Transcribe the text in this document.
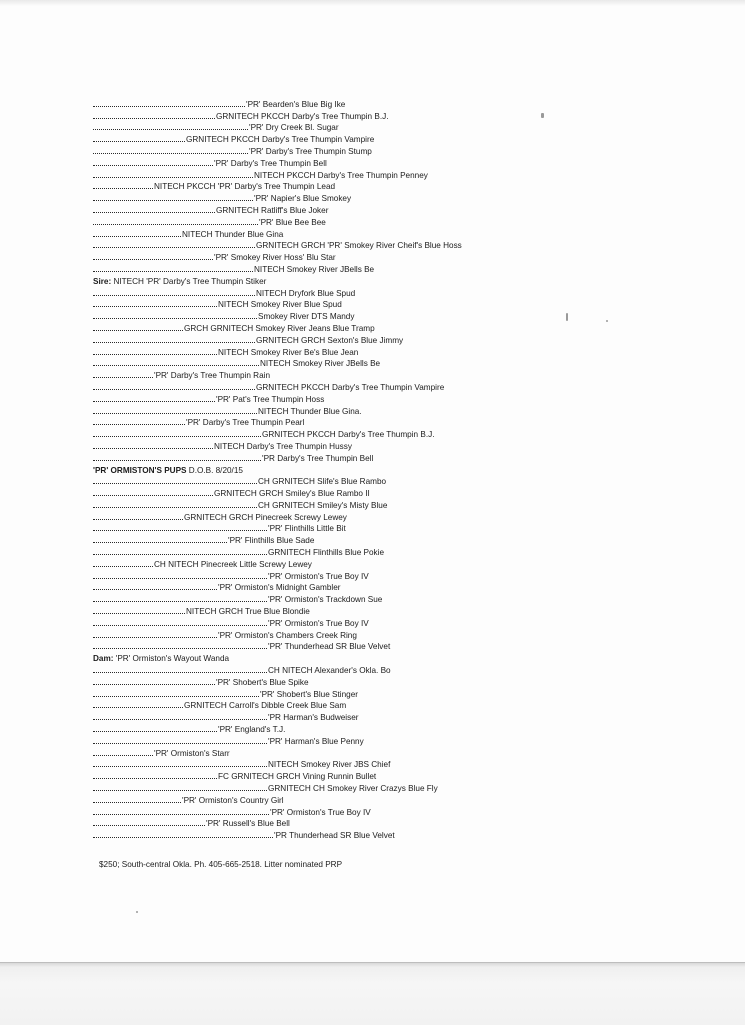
'PR' Bearden's Blue Big Ike
GRNITECH PKCCH Darby's Tree Thumpin B.J.
'PR' Dry Creek Bl. Sugar
GRNITECH PKCCH Darby's Tree Thumpin Vampire
'PR' Darby's Tree Thumpin Stump
'PR' Darby's Tree Thumpin Bell
NITECH PKCCH Darby's Tree Thumpin Penney
NITECH PKCCH 'PR' Darby's Tree Thumpin Lead
'PR' Napier's Blue Smokey
GRNITECH Ratliff's Blue Joker
'PR' Blue Bee Bee
NITECH Thunder Blue Gina
GRNITECH GRCH 'PR' Smokey River Cheif's Blue Hoss
'PR' Smokey River Hoss' Blu Star
NITECH Smokey River JBells Be
Sire:
NITECH 'PR' Darby's Tree Thumpin Stiker
NITECH Dryfork Blue Spud
NITECH Smokey River Blue Spud
Smokey River DTS Mandy
GRCH GRNITECH Smokey River Jeans Blue Tramp
GRNITECH GRCH Sexton's Blue Jimmy
NITECH Smokey River Be's Blue Jean
NITECH Smokey River JBells Be
'PR' Darby's Tree Thumpin Rain
GRNITECH PKCCH Darby's Tree Thumpin Vampire
'PR' Pat's Tree Thumpin Hoss
NITECH Thunder Blue Gina.
'PR' Darby's Tree Thumpin Pearl
GRNITECH PKCCH Darby's Tree Thumpin B.J.
NITECH Darby's Tree Thumpin Hussy
'PR Darby's Tree Thumpin Bell
'PR' ORMISTON'S PUPS
D.O.B. 8/20/15
CH GRNITECH Slife's Blue Rambo
GRNITECH GRCH Smiley's Blue Rambo II
CH GRNITECH Smiley's Misty Blue
GRNITECH GRCH Pinecreek Screwy Lewey
'PR' Flinthills Little Bit
'PR' Flinthills Blue Sade
GRNITECH Flinthills Blue Pokie
CH NITECH Pinecreek Little Screwy Lewey
'PR' Ormiston's True Boy IV
'PR' Ormiston's Midnight Gambler
'PR' Ormiston's Trackdown Sue
NITECH GRCH True Blue Blondie
'PR' Ormiston's True Boy IV
'PR' Ormiston's Chambers Creek Ring
'PR' Thunderhead SR Blue Velvet
Dam:
'PR' Ormiston's Wayout Wanda
CH NITECH Alexander's Okla. Bo
'PR' Shobert's Blue Spike
'PR' Shobert's Blue Stinger
GRNITECH Carroll's Dibble Creek Blue Sam
'PR Harman's Budweiser
'PR' England's T.J.
'PR' Harman's Blue Penny
'PR' Ormiston's Starr
NITECH Smokey River JBS Chief
FC GRNITECH GRCH Vining Runnin Bullet
GRNITECH CH Smokey River Crazys Blue Fly
'PR' Ormiston's Country Girl
'PR' Ormiston's True Boy IV
'PR' Russell's Blue Bell
'PR Thunderhead SR Blue Velvet
$250; South-central Okla. Ph. 405-665-2518. Litter nominated PRP
